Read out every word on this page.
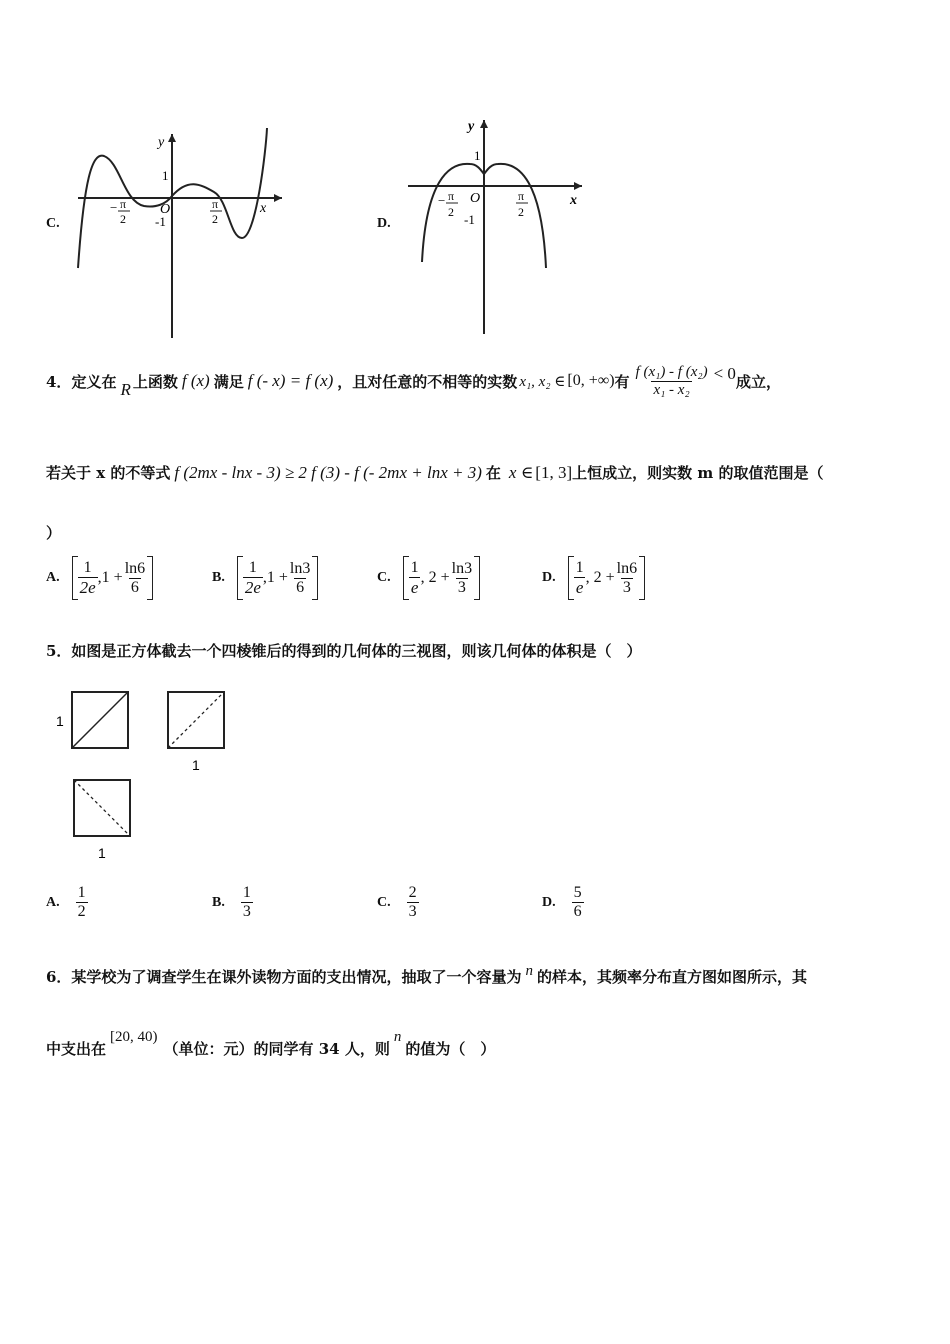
C.
y
x
1
-1
O
− π
2
π
2	D.
y
x
1
-1
O
− π
2
π
2
4． 定义在 R 上函数 f (x) 满足 f (- x) = f (x) ，且对任意的不相等的实数 x₁, x₂ ∈ [0, +∞) 有 $\frac{\text{f (x₁) - f (x₂)}}{\text{x₁ - x₂}} < 0$ 成立，
若关于 x 的不等式 f (2mx - lnx - 3) ≥ 2 f (3) - f (- 2mx + lnx + 3) 在 x ∈ [1, 3] 上恒成立，则实数 m 的取值范围是（
）
A. $\frac{1}{2e} ,1 + \frac{\ln 6}{6}$	B. $\frac{1}{2e} ,1 + \frac{\ln 3}{6}$	C. $\frac{1}{e}$ , $2 + \frac{\ln 3}{3}$	D. $\frac{1}{e}$ , $2 + \frac{\ln 6}{3}$
5．如图是正方体截去一个四棱锥后的得到的几何体的三视图，则该几何体的体积是（　）
1
1
1
A. $\frac{1}{2}$	B. $\frac{1}{3}$	C. $\frac{2}{3}$	D. $\frac{5}{6}$
6．某学校为了调查学生在课外读物方面的支出情况，抽取了一个容量为 n 的样本，其频率分布直方图如图所示，其
中支出在
[20, 40)
（单位：元）的同学有 34 人，则
n
的值为（　）
